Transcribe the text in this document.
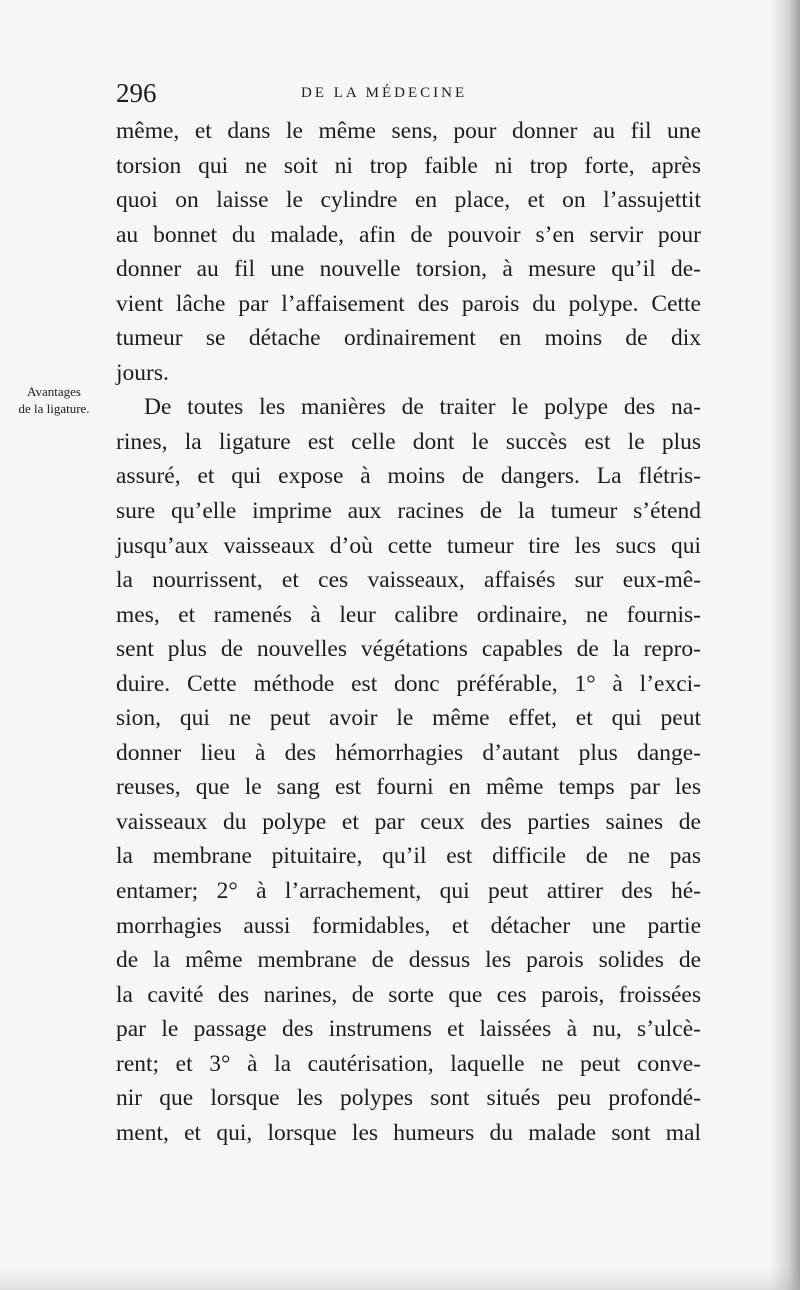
296	DE LA MÉDECINE
Avantages
de la ligature.
même, et dans le même sens, pour donner au fil une
torsion qui ne soit ni trop faible ni trop forte, après
quoi on laisse le cylindre en place, et on l’assujettit
au bonnet du malade, afin de pouvoir s’en servir pour
donner au fil une nouvelle torsion, à mesure qu’il de-
vient lâche par l’affaisement des parois du polype. Cette
tumeur se détache ordinairement en moins de dix
jours.
De toutes les manières de traiter le polype des na-
rines, la ligature est celle dont le succès est le plus
assuré, et qui expose à moins de dangers. La flétris-
sure qu’elle imprime aux racines de la tumeur s’étend
jusqu’aux vaisseaux d’où cette tumeur tire les sucs qui
la nourrissent, et ces vaisseaux, affaisés sur eux-mê-
mes, et ramenés à leur calibre ordinaire, ne fournis-
sent plus de nouvelles végétations capables de la repro-
duire. Cette méthode est donc préférable, 1° à l’exci-
sion, qui ne peut avoir le même effet, et qui peut
donner lieu à des hémorrhagies d’autant plus dange-
reuses, que le sang est fourni en même temps par les
vaisseaux du polype et par ceux des parties saines de
la membrane pituitaire, qu’il est difficile de ne pas
entamer; 2° à l’arrachement, qui peut attirer des hé-
morrhagies aussi formidables, et détacher une partie
de la même membrane de dessus les parois solides de
la cavité des narines, de sorte que ces parois, froissées
par le passage des instrumens et laissées à nu, s’ulcè-
rent; et 3° à la cautérisation, laquelle ne peut conve-
nir que lorsque les polypes sont situés peu profondé-
ment, et qui, lorsque les humeurs du malade sont mal
